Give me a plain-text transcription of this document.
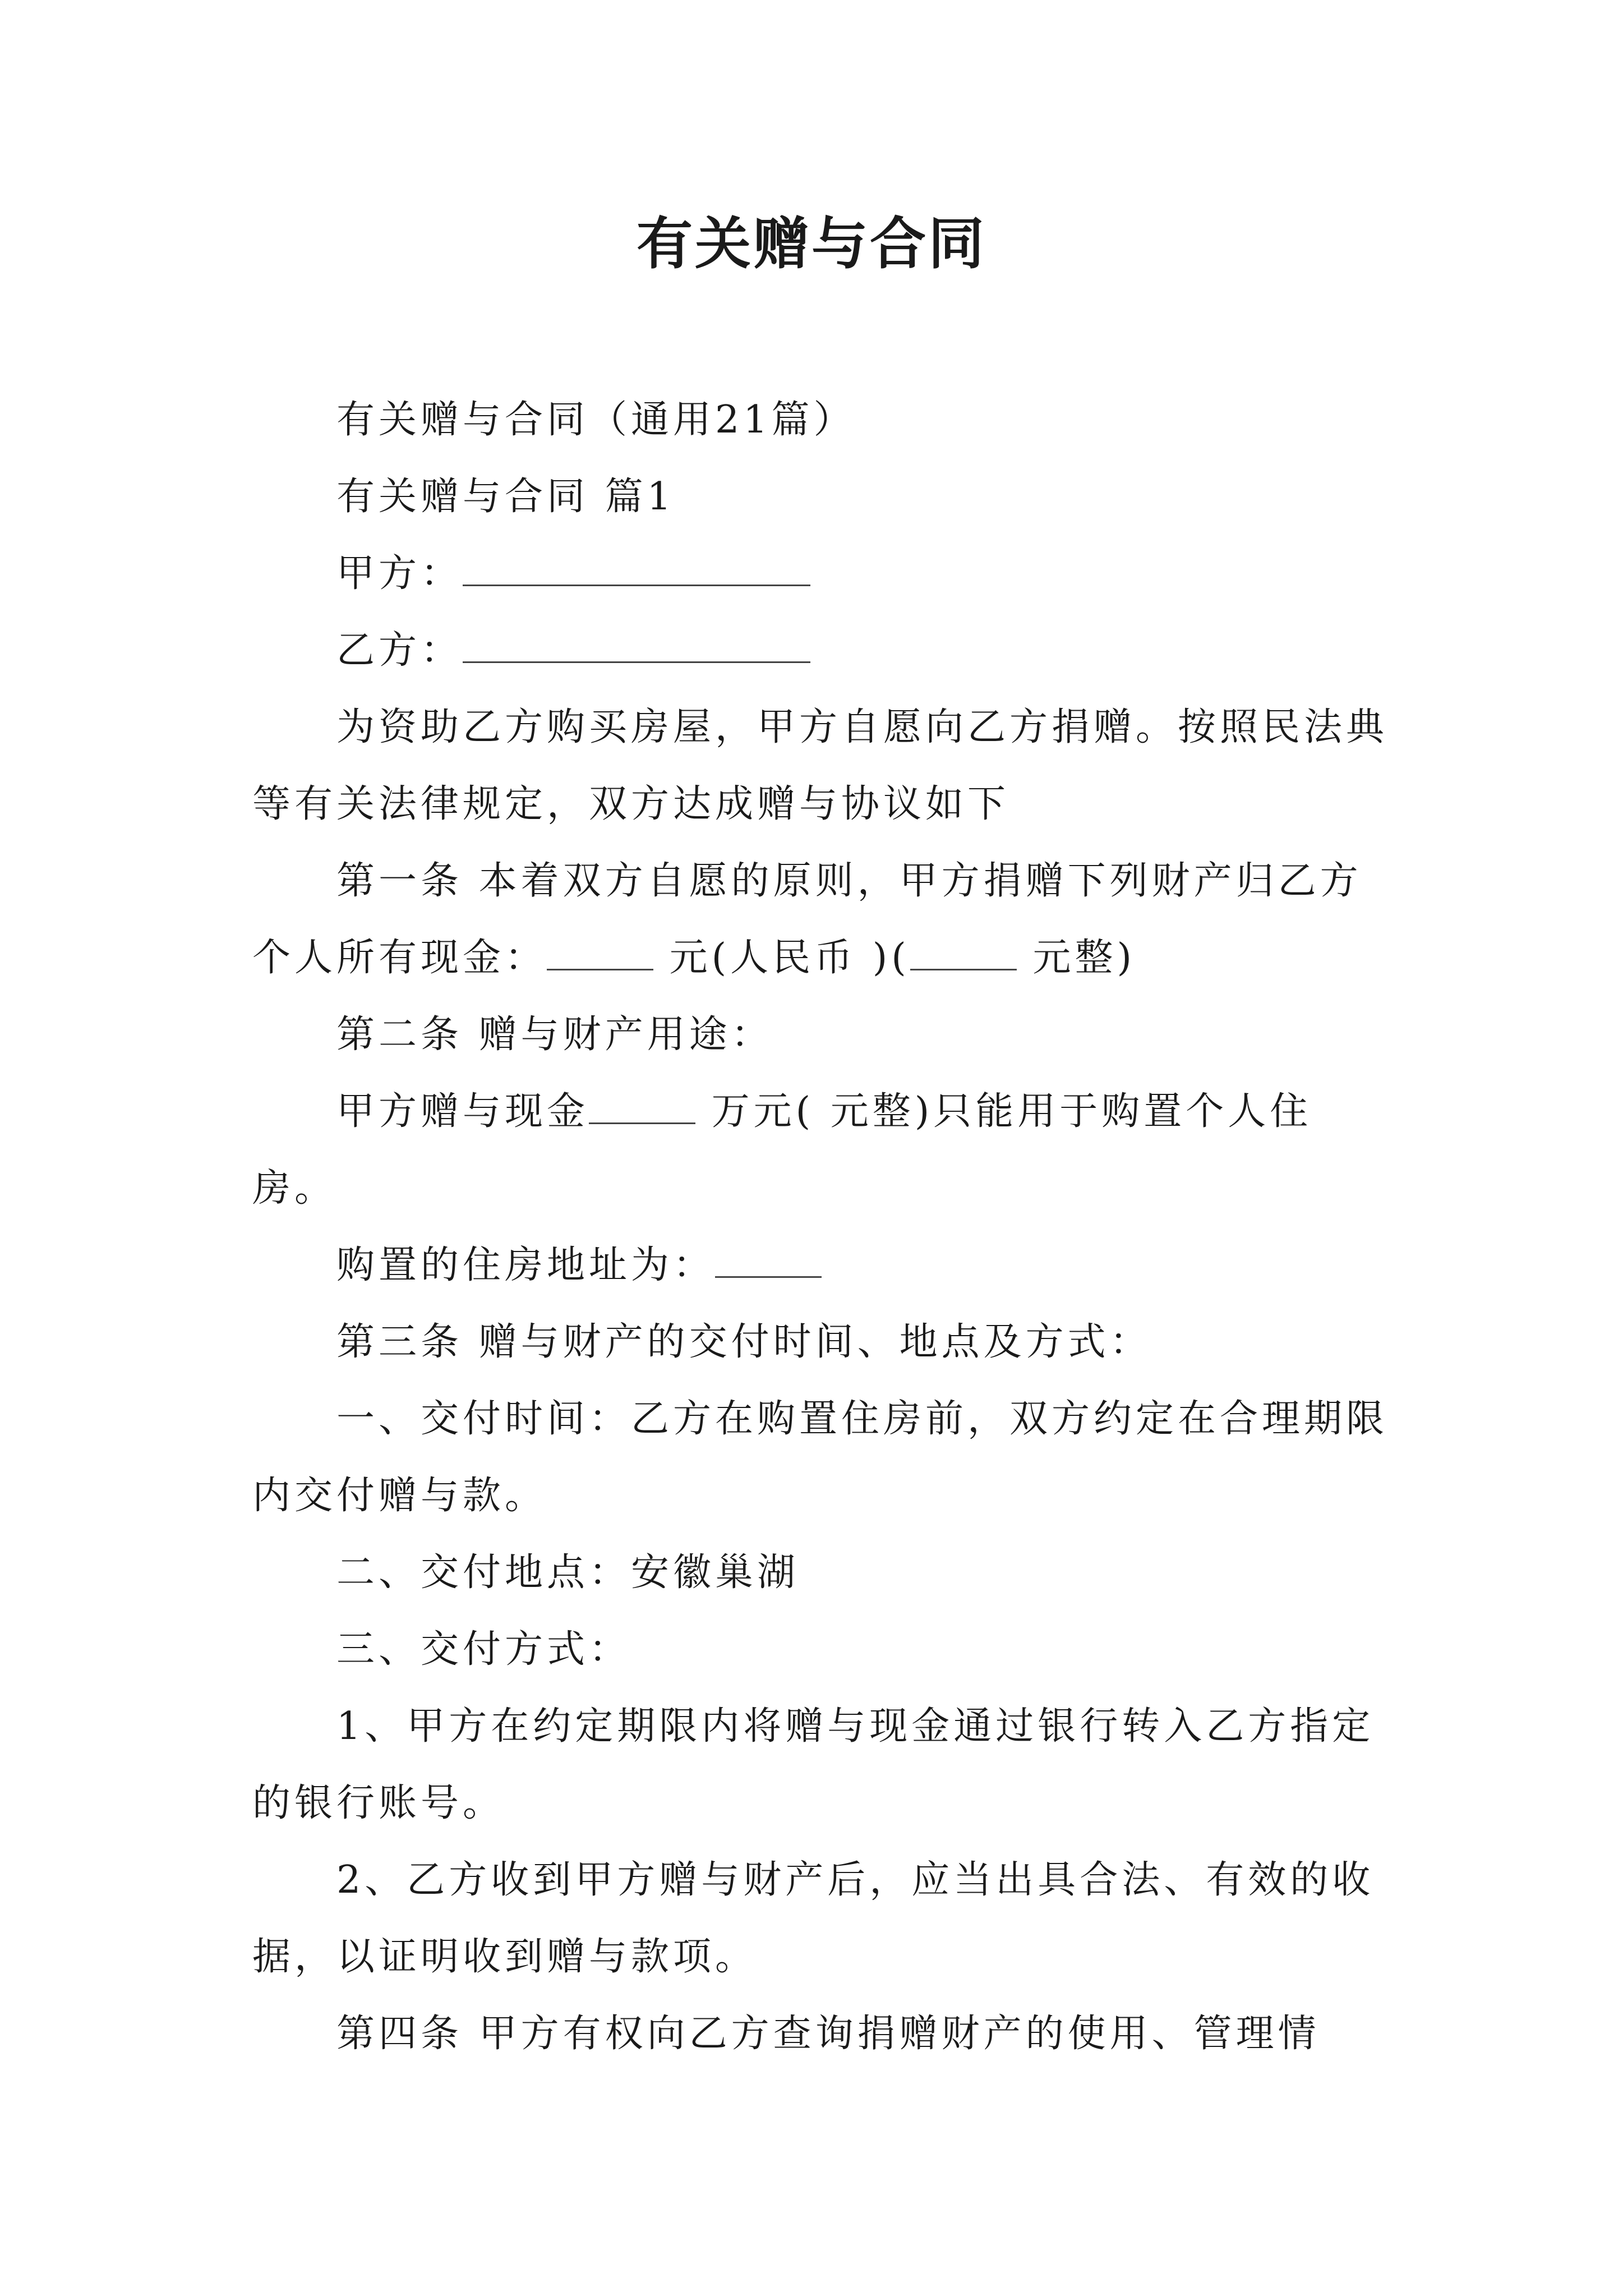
有关赠与合同

有关赠与合同（通用21篇）

有关赠与合同 篇1

甲方：

乙方：

为资助乙方购买房屋，甲方自愿向乙方捐赠。按照民法典等有关法律规定，双方达成赠与协议如下

第一条 本着双方自愿的原则，甲方捐赠下列财产归乙方个人所有现金：	元(人民币 )(	元整)

第二条 赠与财产用途：

甲方赠与现金	万元( 元整)只能用于购置个人住房。

购置的住房地址为：

第三条 赠与财产的交付时间、地点及方式：

一、交付时间：乙方在购置住房前，双方约定在合理期限内交付赠与款。

二、交付地点：安徽巢湖

三、交付方式：

1、甲方在约定期限内将赠与现金通过银行转入乙方指定的银行账号。

2、乙方收到甲方赠与财产后，应当出具合法、有效的收据，以证明收到赠与款项。

第四条 甲方有权向乙方查询捐赠财产的使用、管理情
